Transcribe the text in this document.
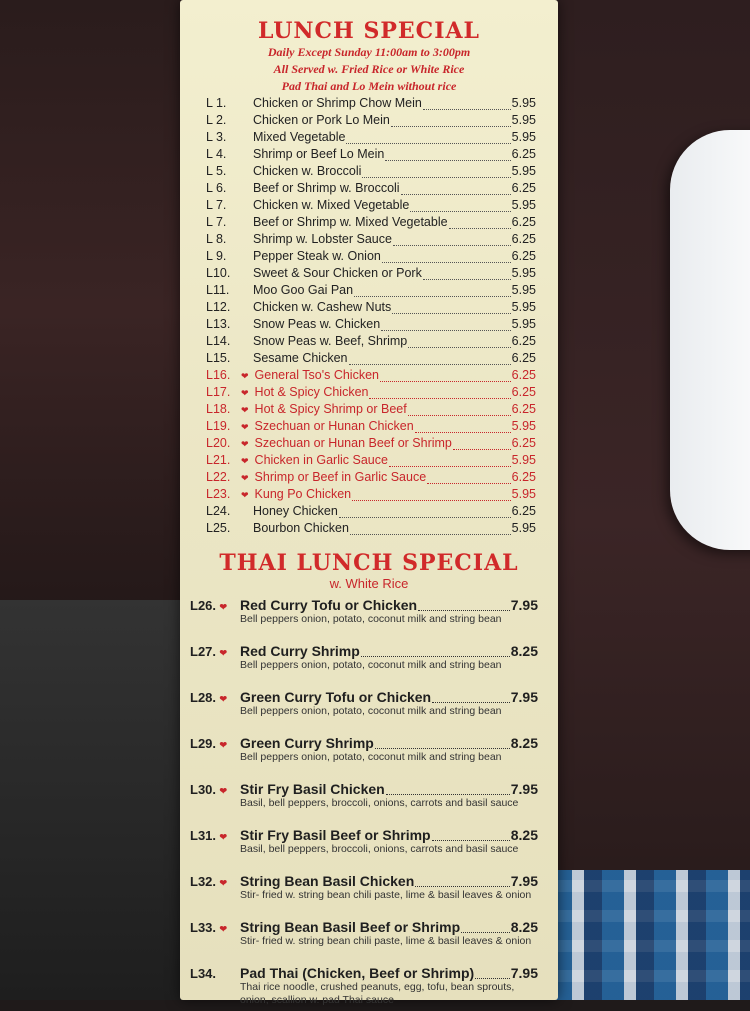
LUNCH SPECIAL
Daily Except Sunday 11:00am to 3:00pm
All Served w. Fried Rice or White Rice
Pad Thai and Lo Mein without rice
L 1.	Chicken or Shrimp Chow Mein	5.95
L 2.	Chicken or Pork Lo Mein	5.95
L 3.	Mixed Vegetable	5.95
L 4.	Shrimp or Beef Lo Mein	6.25
L 5.	Chicken w. Broccoli	5.95
L 6.	Beef or Shrimp w. Broccoli	6.25
L 7.	Chicken w. Mixed Vegetable	5.95
L 7.	Beef or Shrimp w. Mixed Vegetable	6.25
L 8.	Shrimp w. Lobster Sauce	6.25
L 9.	Pepper Steak w. Onion	6.25
L10.	Sweet & Sour Chicken or Pork	5.95
L11.	Moo Goo Gai Pan	5.95
L12.	Chicken w. Cashew Nuts	5.95
L13.	Snow Peas w. Chicken	5.95
L14.	Snow Peas w. Beef, Shrimp	6.25
L15.	Sesame Chicken	6.25
L16.	❤ General Tso's Chicken	6.25
L17.	❤ Hot & Spicy Chicken	6.25
L18.	❤ Hot & Spicy Shrimp or Beef	6.25
L19.	❤ Szechuan or Hunan Chicken	5.95
L20.	❤ Szechuan or Hunan Beef or Shrimp	6.25
L21.	❤ Chicken in Garlic Sauce	5.95
L22.	❤ Shrimp or Beef in Garlic Sauce	6.25
L23.	❤ Kung Po Chicken	5.95
L24.	Honey Chicken	6.25
L25.	Bourbon Chicken	5.95
THAI LUNCH SPECIAL
w. White Rice
L26. ❤ Red Curry Tofu or Chicken	7.95
Bell peppers onion, potato, coconut milk and string bean
L27. ❤ Red Curry Shrimp	8.25
Bell peppers onion, potato, coconut milk and string bean
L28. ❤ Green Curry Tofu or Chicken	7.95
Bell peppers onion, potato, coconut milk and string bean
L29. ❤ Green Curry Shrimp	8.25
Bell peppers onion, potato, coconut milk and string bean
L30. ❤ Stir Fry Basil Chicken	7.95
Basil, bell peppers, broccoli, onions, carrots and basil sauce
L31. ❤ Stir Fry Basil Beef or Shrimp	8.25
Basil, bell peppers, broccoli, onions, carrots and basil sauce
L32. ❤ String Bean Basil Chicken	7.95
Stir- fried w. string bean chili paste, lime & basil leaves & onion
L33. ❤ String Bean Basil Beef or Shrimp	8.25
Stir- fried w. string bean chili paste, lime & basil leaves & onion
L34.	Pad Thai (Chicken, Beef or Shrimp)	7.95
Thai rice noodle, crushed peanuts, egg, tofu, bean sprouts, onion, scallion w. pad Thai sauce
